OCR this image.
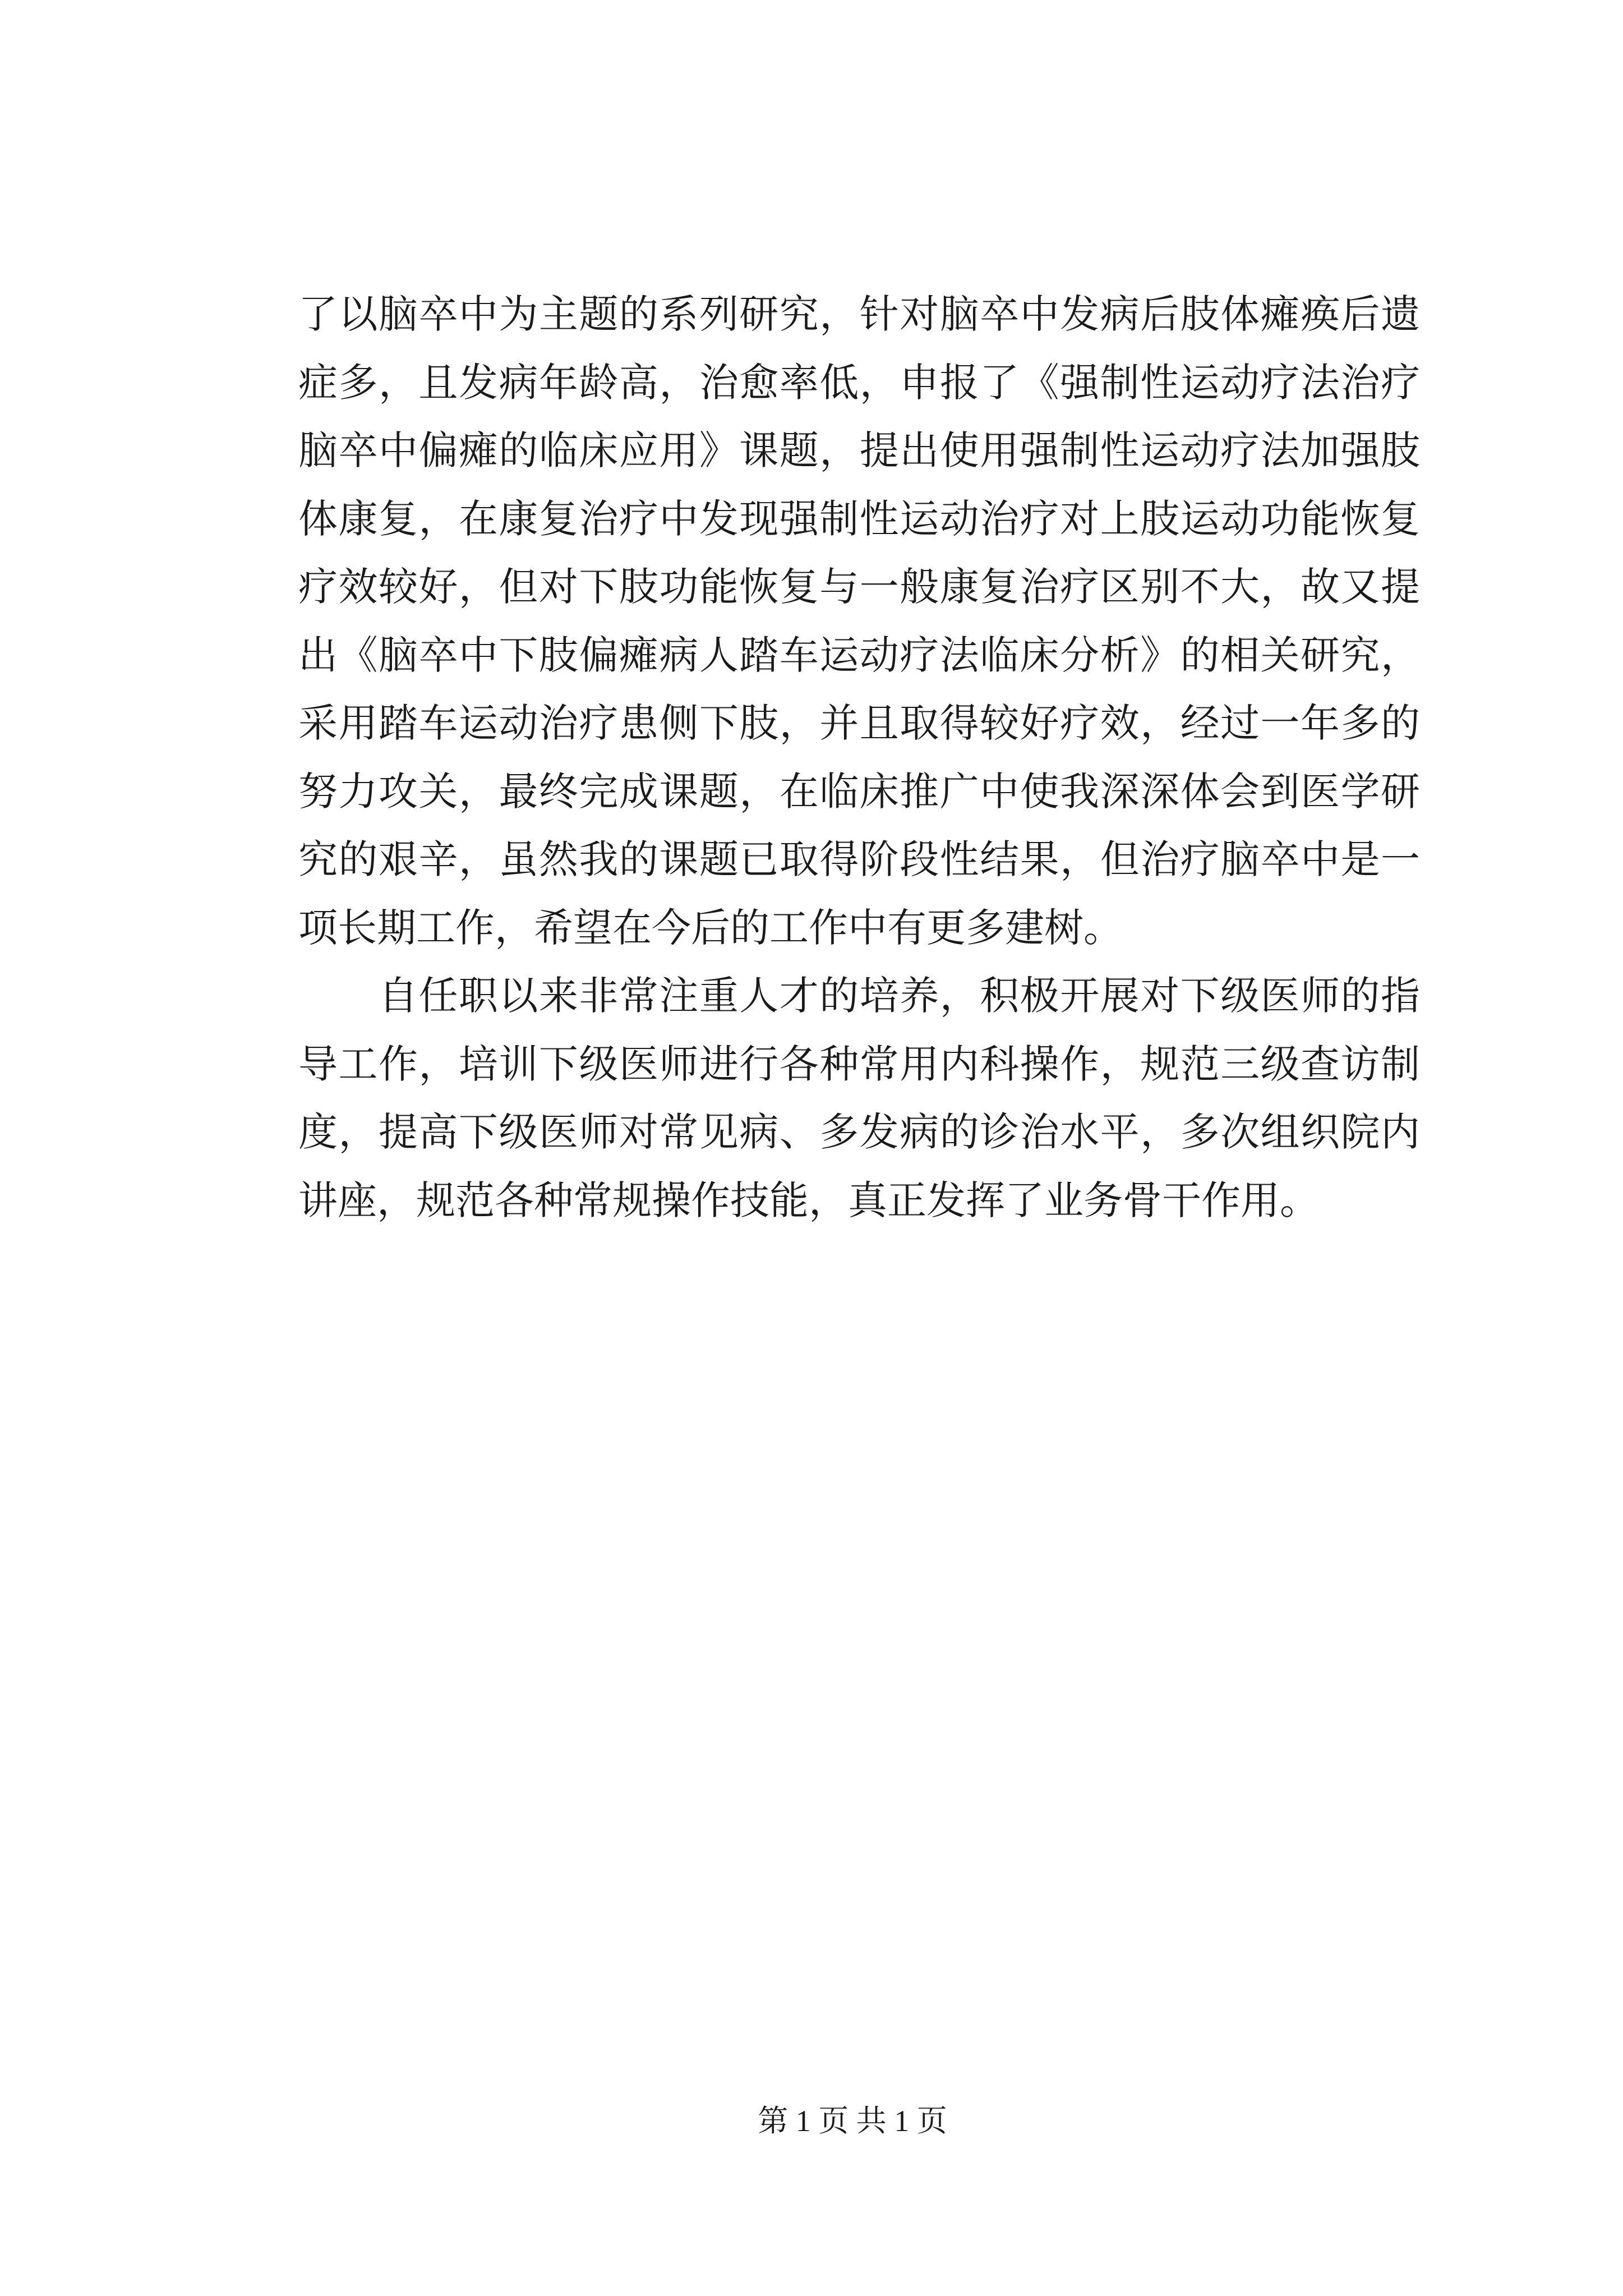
了以脑卒中为主题的系列研究，针对脑卒中发病后肢体瘫痪后遗
症多，且发病年龄高，治愈率低，申报了《强制性运动疗法治疗
脑卒中偏瘫的临床应用》课题，提出使用强制性运动疗法加强肢
体康复，在康复治疗中发现强制性运动治疗对上肢运动功能恢复
疗效较好，但对下肢功能恢复与一般康复治疗区别不大，故又提
出《脑卒中下肢偏瘫病人踏车运动疗法临床分析》的相关研究，
采用踏车运动治疗患侧下肢，并且取得较好疗效，经过一年多的
努力攻关，最终完成课题，在临床推广中使我深深体会到医学研
究的艰辛，虽然我的课题已取得阶段性结果，但治疗脑卒中是一
项长期工作，希望在今后的工作中有更多建树。
　　自任职以来非常注重人才的培养，积极开展对下级医师的指
导工作，培训下级医师进行各种常用内科操作，规范三级查访制
度，提高下级医师对常见病、多发病的诊治水平，多次组织院内
讲座，规范各种常规操作技能，真正发挥了业务骨干作用。
第 1 页 共 1 页
